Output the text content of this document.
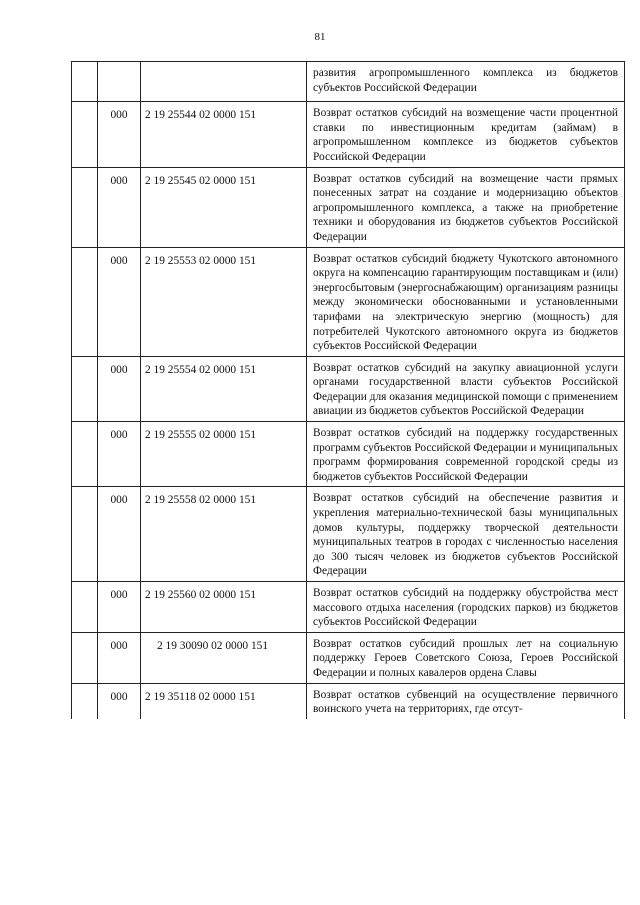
81
			развития агропромышленного комплекса из бюджетов субъектов Российской Федерации
	000	2 19 25544 02 0000 151	Возврат остатков субсидий на возмещение части процентной ставки по инвестиционным кредитам (займам) в агропромышленном комплексе из бюджетов субъектов Российской Федерации
	000	2 19 25545 02 0000 151	Возврат остатков субсидий на возмещение части прямых понесенных затрат на создание и модернизацию объектов агропромышленного комплекса, а также на приобретение техники и оборудования из бюджетов субъектов Российской Федерации
	000	2 19 25553 02 0000 151	Возврат остатков субсидий бюджету Чукотского автономного округа на компенсацию гарантирующим поставщикам и (или) энергосбытовым (энергоснабжающим) организациям разницы между экономически обоснованными и установленными тарифами на электрическую энергию (мощность) для потребителей Чукотского автономного округа из бюджетов субъектов Российской Федерации
	000	2 19 25554 02 0000 151	Возврат остатков субсидий на закупку авиационной услуги органами государственной власти субъектов Российской Федерации для оказания медицинской помощи с применением авиации из бюджетов субъектов Российской Федерации
	000	2 19 25555 02 0000 151	Возврат остатков субсидий на поддержку государственных программ субъектов Российской Федерации и муниципальных программ формирования современной городской среды из бюджетов субъектов Российской Федерации
	000	2 19 25558 02 0000 151	Возврат остатков субсидий на обеспечение развития и укрепления материально-технической базы муниципальных домов культуры, поддержку творческой деятельности муниципальных театров в городах с численностью населения до 300 тысяч человек из бюджетов субъектов Российской Федерации
	000	2 19 25560 02 0000 151	Возврат остатков субсидий на поддержку обустройства мест массового отдыха населения (городских парков) из бюджетов субъектов Российской Федерации
	000	2 19 30090 02 0000 151	Возврат остатков субсидий прошлых лет на социальную поддержку Героев Советского Союза, Героев Российской Федерации и полных кавалеров ордена Славы
	000	2 19 35118 02 0000 151	Возврат остатков субвенций на осуществление первичного воинского учета на территориях, где отсут-
